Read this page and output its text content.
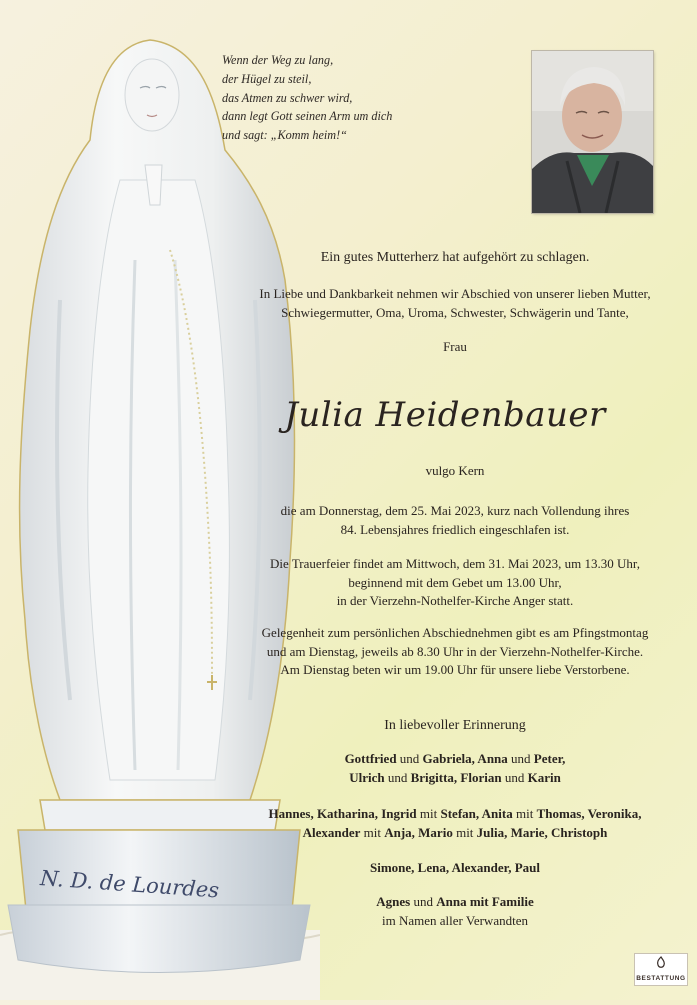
N. D. de Lourdes
Wenn der Weg zu lang,
der Hügel zu steil,
das Atmen zu schwer wird,
dann legt Gott seinen Arm um dich
und sagt: „Komm heim!“
Ein gutes Mutterherz hat aufgehört zu schlagen.
In Liebe und Dankbarkeit nehmen wir Abschied von unserer lieben Mutter,
Schwiegermutter, Oma, Uroma, Schwester, Schwägerin und Tante,
Frau
Julia Heidenbauer
vulgo Kern
die am Donnerstag, dem 25. Mai 2023, kurz nach Vollendung ihres
84. Lebensjahres friedlich eingeschlafen ist.
Die Trauerfeier findet am Mittwoch, dem 31. Mai 2023, um 13.30 Uhr,
beginnend mit dem Gebet um 13.00 Uhr,
in der Vierzehn-Nothelfer-Kirche Anger statt.
Gelegenheit zum persönlichen Abschiednehmen gibt es am Pfingstmontag
und am Dienstag, jeweils ab 8.30 Uhr in der Vierzehn-Nothelfer-Kirche.
Am Dienstag beten wir um 19.00 Uhr für unsere liebe Verstorbene.
In liebevoller Erinnerung
Gottfried und Gabriela, Anna und Peter,
Ulrich und Brigitta, Florian und Karin
Hannes, Katharina, Ingrid mit Stefan, Anita mit Thomas, Veronika,
Alexander mit Anja, Mario mit Julia, Marie, Christoph
Simone, Lena, Alexander, Paul
Agnes und Anna mit Familie
im Namen aller Verwandten
BESTATTUNG
